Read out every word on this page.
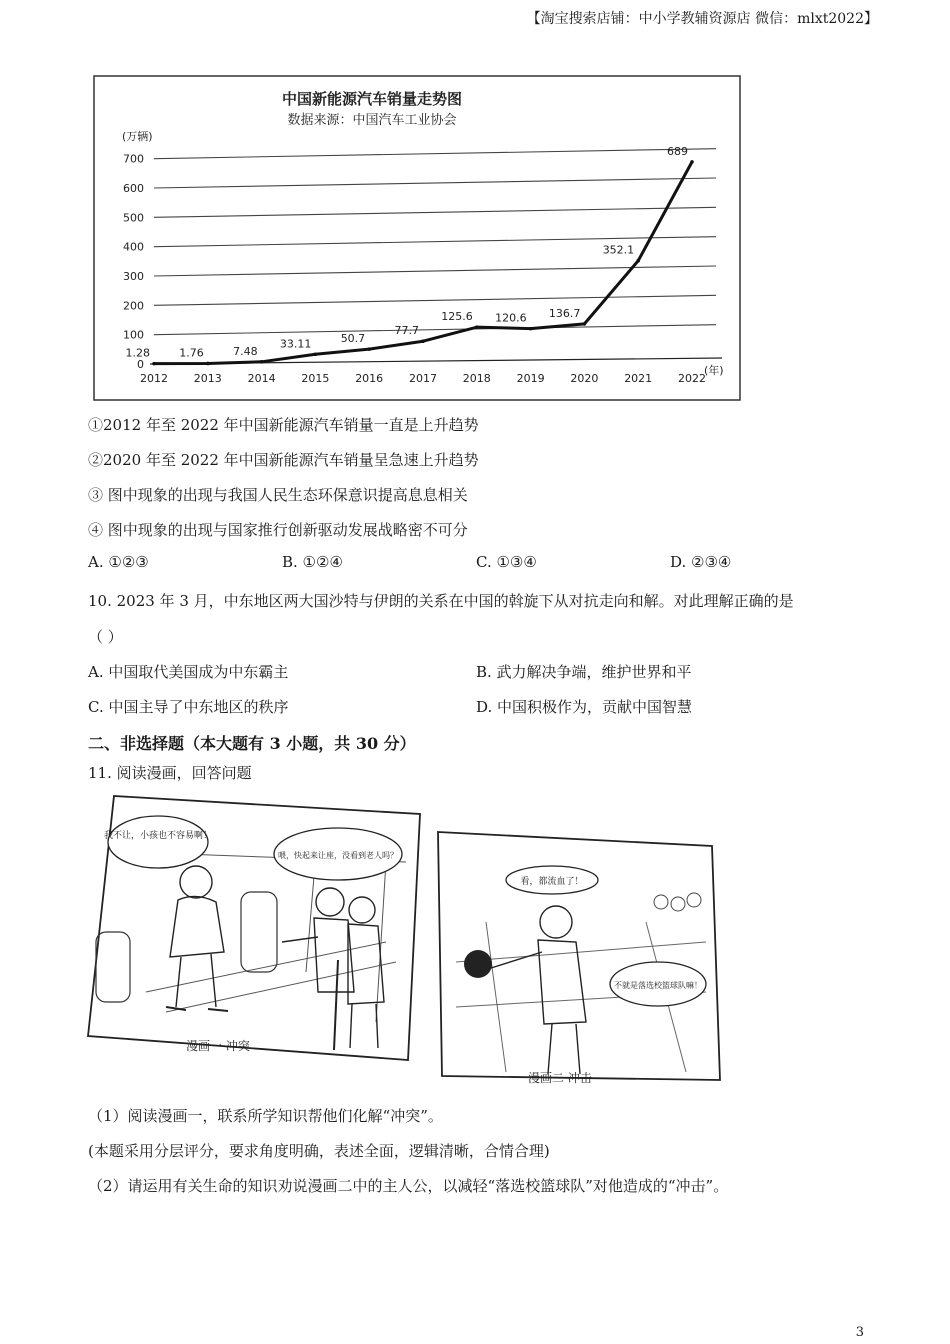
【淘宝搜索店铺：中小学教辅资源店 微信：mlxt2022】
中国新能源汽车销量走势图
数据来源：中国汽车工业协会
(万辆)
(年)
0
100
200
300
400
500
600
700
2012 2013 2014 2015 2016 2017 2018 2019 2020 2021 2022
1.28	1.76	7.48
33.11	50.7
77.7
125.6 120.6 136.7
352.1
689
①2012 年至 2022 年中国新能源汽车销量一直是上升趋势
②2020 年至 2022 年中国新能源汽车销量呈急速上升趋势
③ 图中现象的出现与我国人民生态环保意识提高息息相关
④ 图中现象的出现与国家推行创新驱动发展战略密不可分
A. ①②③	B. ①②④	C. ①③④	D. ②③④
10. 2023 年 3 月，中东地区两大国沙特与伊朗的关系在中国的斡旋下从对抗走向和解。对此理解正确的是
（ ）
A. 中国取代美国成为中东霸主	B. 武力解决争端，维护世界和平
C. 中国主导了中东地区的秩序	D. 中国积极作为，贡献中国智慧
二、非选择题（本大题有 3 小题，共 30 分）
11. 阅读漫画，回答问题
我不让，小孩也不容易啊！
喂，快起来让座，没看到老人吗？
漫画一 冲突
看，都流血了！
不就是落选校篮球队嘛！
漫画二 冲击
（1）阅读漫画一，联系所学知识帮他们化解“冲突”。
(本题采用分层评分，要求角度明确，表述全面，逻辑清晰，合情合理)
（2）请运用有关生命的知识劝说漫画二中的主人公，以减轻“落选校篮球队”对他造成的“冲击”。
3
